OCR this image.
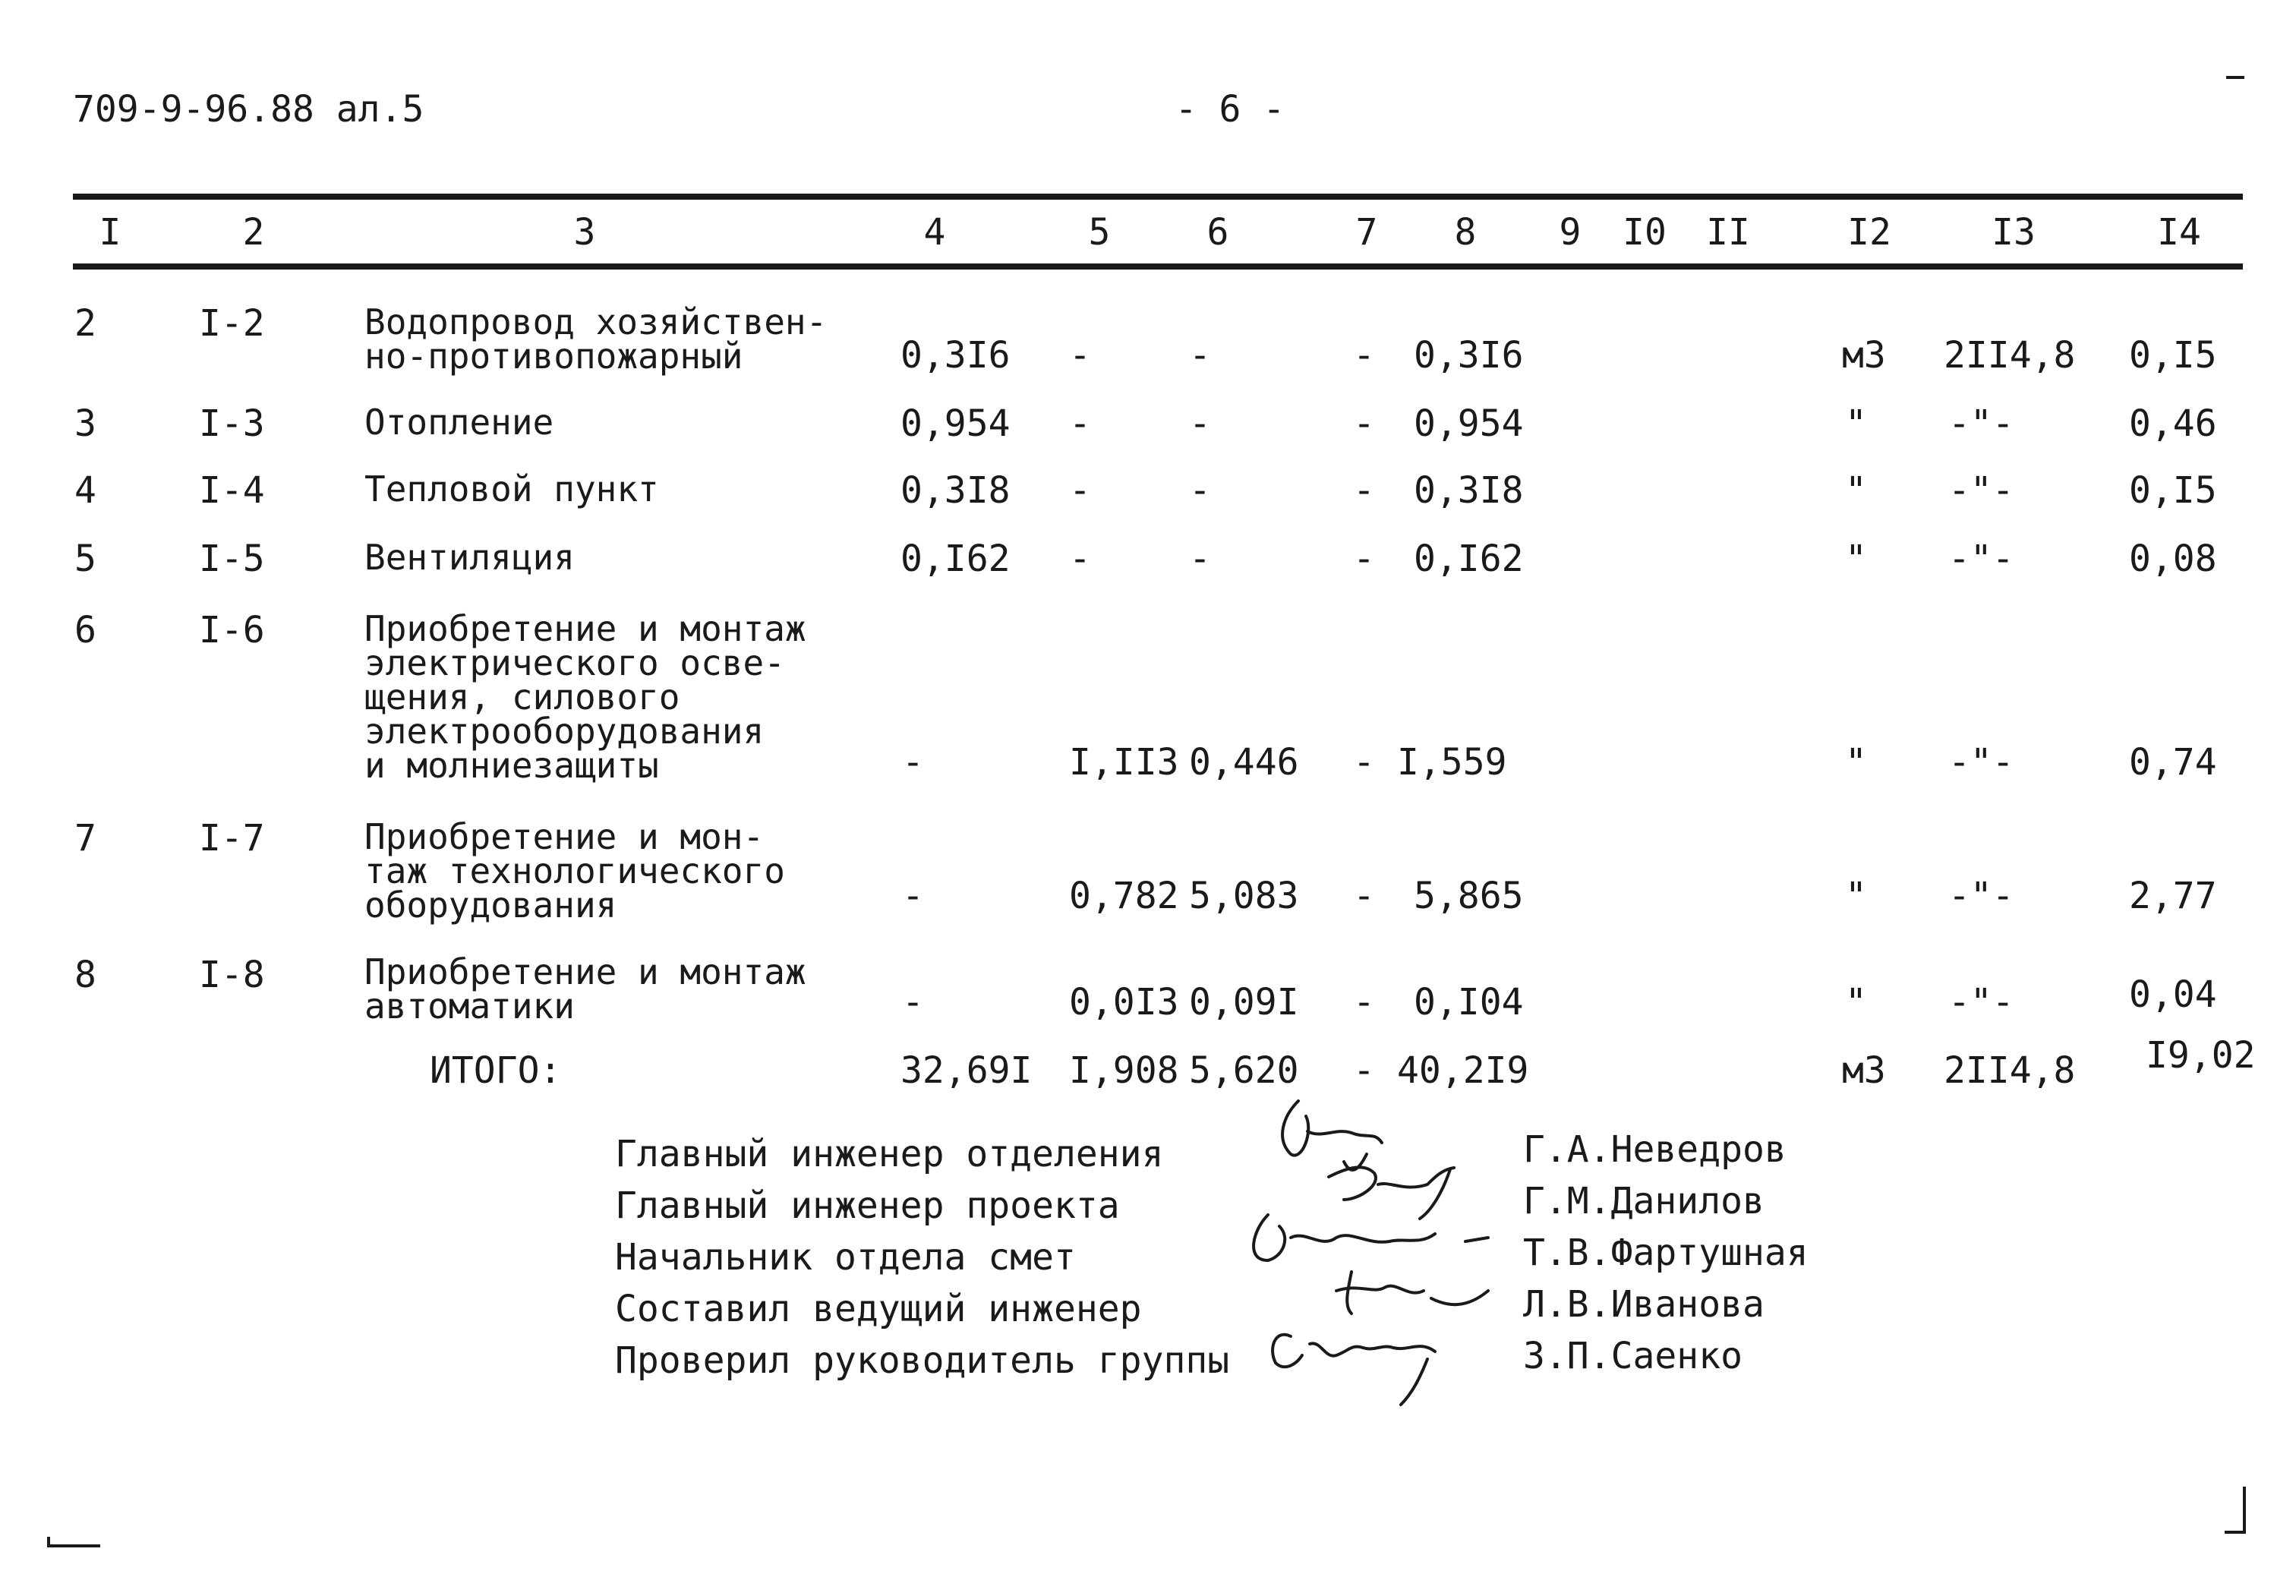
709-9-96.88 ал.5	- 6 -
I	2	3	4	5	6	7 8 9 I0 II	I2	I3	I4
2	I-2	Водопровод хозяйствен-
но-противопожарный	0,3I6 -	-	- 0,3I6	м3 2II4,8 0,I5
3	I-3	Отопление	0,954 -	-	- 0,954	" -"-	0,46
4	I-4	Тепловой пункт	0,3I8 -	-	- 0,3I8	" -"-	0,I5
5	I-5	Вентиляция	0,I62 -	-	- 0,I62	" -"-	0,08
6	I-6	Приобретение и монтаж
электрического осве-
щения, силового
электрооборудования
и молниезащиты	-	I,II3 0,446 - I,559	" -"-	0,74
7	I-7	Приобретение и мон-
таж технологического
оборудования	-	0,782 5,083 - 5,865	" -"-	2,77
8	I-8	Приобретение и монтаж
автоматики	-	0,0I3 0,09I - 0,I04	" -"-	0,04
ИТОГО:	32,69I I,908 5,620 - 40,2I9	м3 2II4,8 I9,02
Главный инженер отделения
Главный инженер проекта
Начальник отдела смет
Составил ведущий инженер
Проверил руководитель группы
Г.А.Неведров
Г.М.Данилов
Т.В.Фартушная
Л.В.Иванова
З.П.Саенко
